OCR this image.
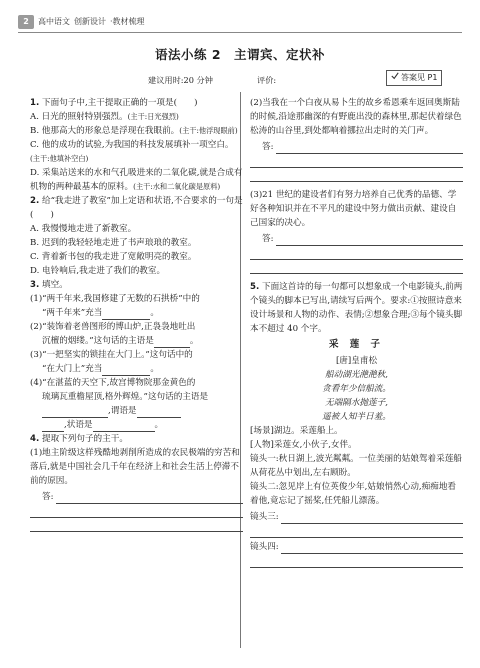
2	高中语文 创新设计 ·教材梳理
语法小练 2　主谓宾、定状补
建议用时:20 分钟	评价:	答案见 P1

1. 下面句子中,主干提取正确的一项是(　　)

A. 日光的照射特别强烈。(主干:日光强烈)

B. 他那高大的形象总是浮现在我眼前。(主干:他浮现眼前)

C. 他的成功的试验,为我国的科技发展填补一项空白。(主干:他填补空白)

D. 采集站送来的水和气孔吸进来的二氧化碳,就是合成有机物的两种最基本的原料。(主干:水和二氧化碳是原料)

2. 给“我走进了教室”加上定语和状语,不合要求的一句是(　　)

A. 我慢慢地走进了新教室。

B. 迟到的我轻轻地走进了书声琅琅的教室。

C. 背着新书包的我走进了宽敞明亮的教室。

D. 电铃响后,我走进了我们的教室。

3. 填空。

(1)“两千年来,我国修建了无数的石拱桥”中的

“两千年来”充当	。

(2)“装饰着老兽图形的博山炉,正袅袅地吐出

沉檀的烟缕。”这句话的主语是	。

(3)“一把坚实的锁挂在大门上。”这句话中的

“在大门上”充当	。

(4)“在湛蓝的天空下,故宫博物院那金黄色的

琉璃瓦重檐屋顶,格外辉煌。”这句话的主语是

,谓语是

,状语是	。

4. 提取下列句子的主干。

(1)地主阶级这样残酷地剥削所造成的农民极端的穷苦和落后,就是中国社会几千年在经济上和社会生活上停滞不前的原因。

答:

(2)当我在一个白夜从易卜生的故乡希恩乘车返回奥斯陆的时候,沿途那幽深的有野鹿出没的森林里,那起伏着绿色松涛的山谷里,到处都响着挪拉出走时的关门声。

答:

(3)21 世纪的建设者们有努力培养自己优秀的品德、学好各种知识并在不平凡的建设中努力做出贡献、建设自己国家的决心。

答:

5. 下面这首诗的每一句都可以想象成一个电影镜头,前两个镜头的脚本已写出,请续写后两个。要求:①按照诗意来设计场景和人物的动作、表情;②想象合理;③每个镜头脚本不超过 40 个字。

采 莲 子
[唐]皇甫松
船动湖光滟滟秋,
贪看年少信船流。
无端隔水抛莲子,
遥被人知半日羞。

[场景]湖边。采莲船上。

[人物]采莲女,小伙子,女伴。

镜头一:秋日湖上,波光粼粼。一位美丽的姑娘驾着采莲船从荷花丛中划出,左右顾盼。

镜头二:忽见岸上有位英俊少年,姑娘悄然心动,痴痴地看着他,竟忘记了摇桨,任凭船儿漂荡。

镜头三:
镜头四:
